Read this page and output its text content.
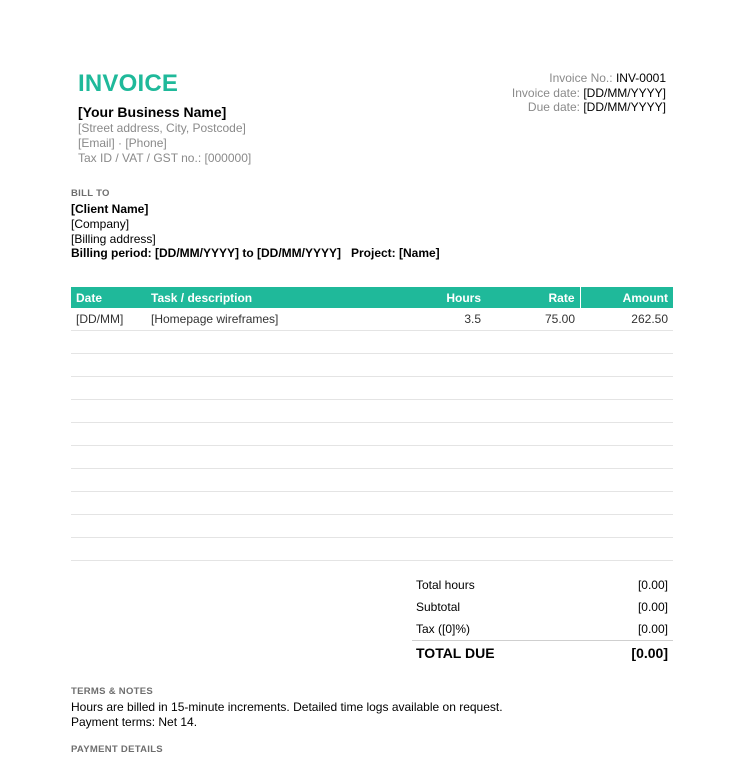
INVOICE
[Your Business Name]
[Street address, City, Postcode]
[Email] · [Phone]
Tax ID / VAT / GST no.: [000000]
Invoice No.: INV-0001
Invoice date: [DD/MM/YYYY]
Due date: [DD/MM/YYYY]
BILL TO
[Client Name]
[Company]
[Billing address]
Billing period: [DD/MM/YYYY] to [DD/MM/YYYY]   Project: [Name]
Date	Task / description	Hours	Rate	Amount
[DD/MM]	[Homepage wireframes]	3.5	75.00	262.50

Total hours	[0.00]
Subtotal	[0.00]
Tax ([0]%)	[0.00]
TOTAL DUE	[0.00]
TERMS & NOTES
Hours are billed in 15-minute increments. Detailed time logs available on request.
Payment terms: Net 14.
PAYMENT DETAILS
